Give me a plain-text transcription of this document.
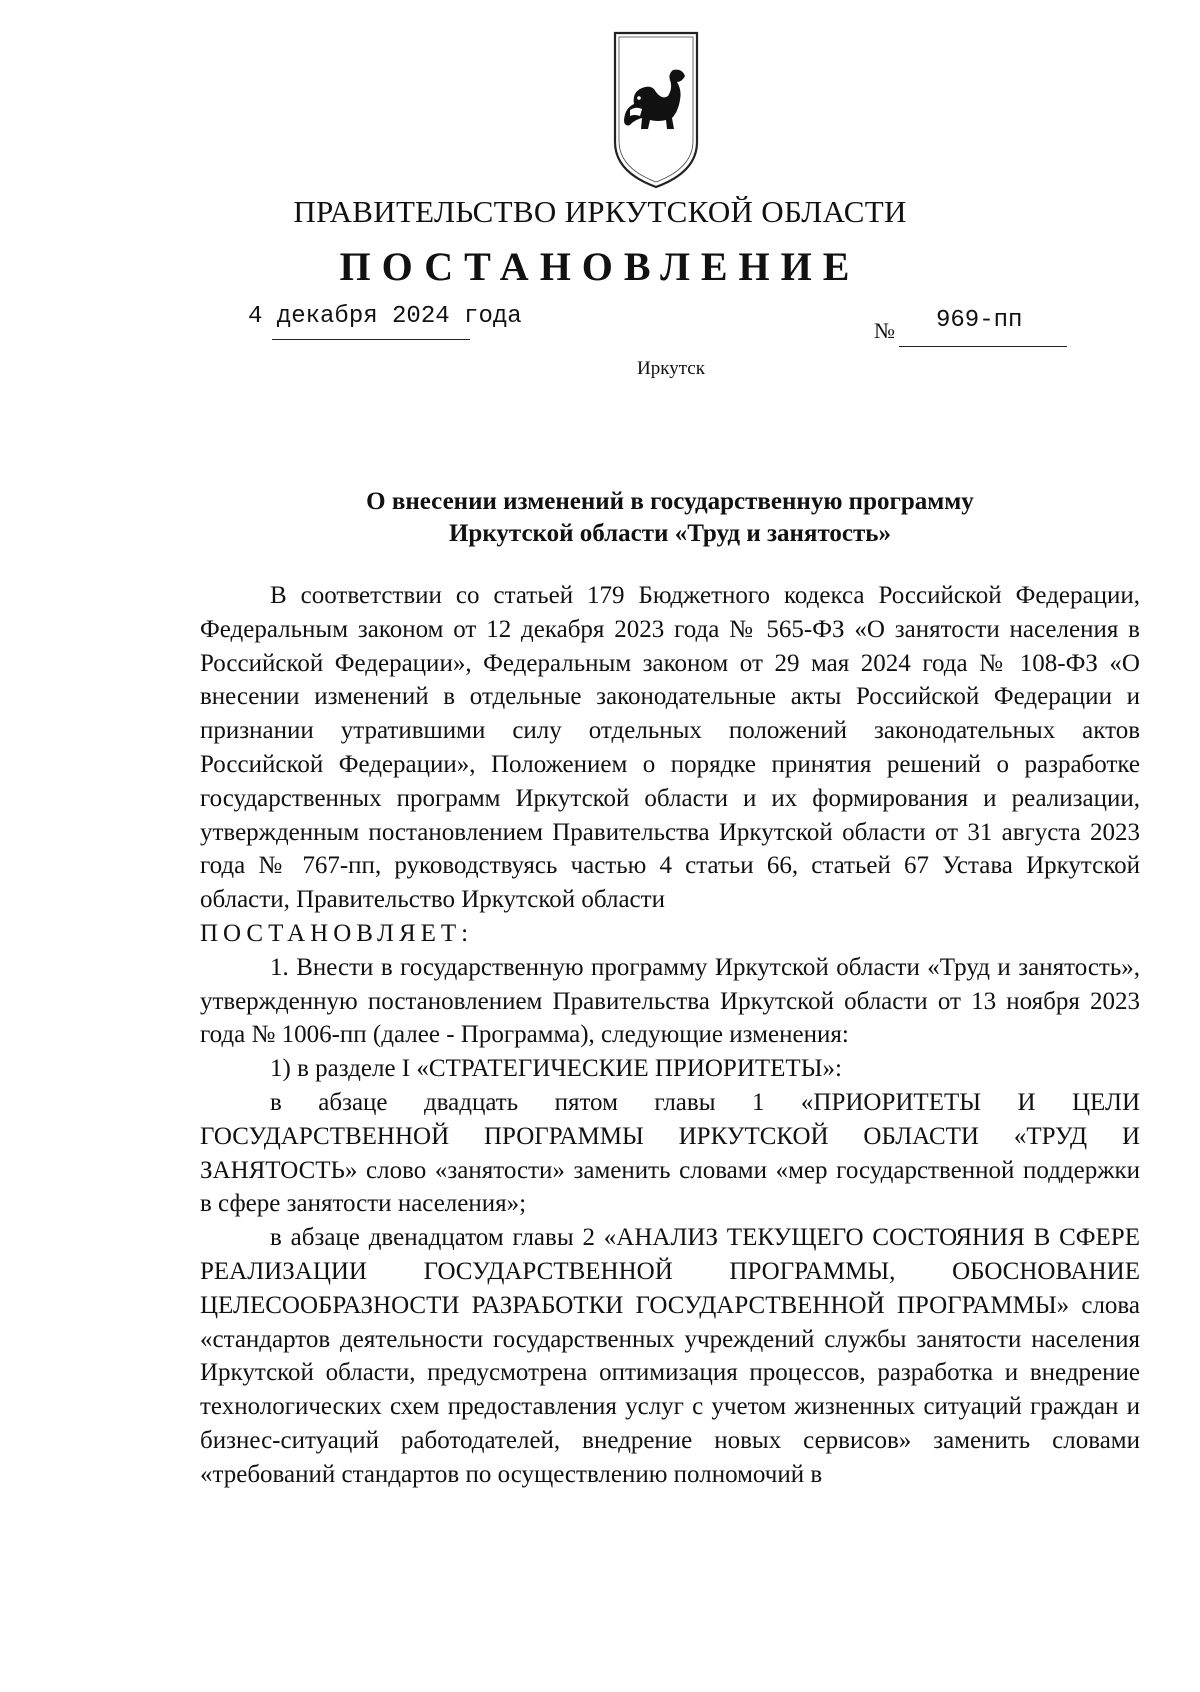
ПРАВИТЕЛЬСТВО ИРКУТСКОЙ ОБЛАСТИ
ПОСТАНОВЛЕНИЕ
4 декабря 2024 года
№ 969-пп
Иркутск
О внесении изменений в государственную программу
Иркутской области «Труд и занятость»

В соответствии со статьей 179 Бюджетного кодекса Российской Федерации, Федеральным законом от 12 декабря 2023 года № 565-ФЗ «О занятости населения в Российской Федерации», Федеральным законом от 29 мая 2024 года № 108-ФЗ «О внесении изменений в отдельные законодательные акты Российской Федерации и признании утратившими силу отдельных положений законодательных актов Российской Федерации», Положением о порядке принятия решений о разработке государственных программ Иркутской области и их формирования и реализации, утвержденным постановлением Правительства Иркутской области от 31 августа 2023 года № 767-пп, руководствуясь частью 4 статьи 66, статьей 67 Устава Иркутской области, Правительство Иркутской области

ПОСТАНОВЛЯЕТ:

1. Внести в государственную программу Иркутской области «Труд и занятость», утвержденную постановлением Правительства Иркутской области от 13 ноября 2023 года № 1006-пп (далее - Программа), следующие изменения:

1) в разделе I «СТРАТЕГИЧЕСКИЕ ПРИОРИТЕТЫ»:

в абзаце двадцать пятом главы 1 «ПРИОРИТЕТЫ И ЦЕЛИ ГОСУДАРСТВЕННОЙ ПРОГРАММЫ ИРКУТСКОЙ ОБЛАСТИ «ТРУД И ЗАНЯТОСТЬ» слово «занятости» заменить словами «мер государственной поддержки в сфере занятости населения»;

в абзаце двенадцатом главы 2 «АНАЛИЗ ТЕКУЩЕГО СОСТОЯНИЯ В СФЕРЕ РЕАЛИЗАЦИИ ГОСУДАРСТВЕННОЙ ПРОГРАММЫ, ОБОСНОВАНИЕ ЦЕЛЕСООБРАЗНОСТИ РАЗРАБОТКИ ГОСУДАРСТВЕННОЙ ПРОГРАММЫ» слова «стандартов деятельности государственных учреждений службы занятости населения Иркутской области, предусмотрена оптимизация процессов, разработка и внедрение технологических схем предоставления услуг с учетом жизненных ситуаций граждан и бизнес-ситуаций работодателей, внедрение новых сервисов» заменить словами «требований стандартов по осуществлению полномочий в
